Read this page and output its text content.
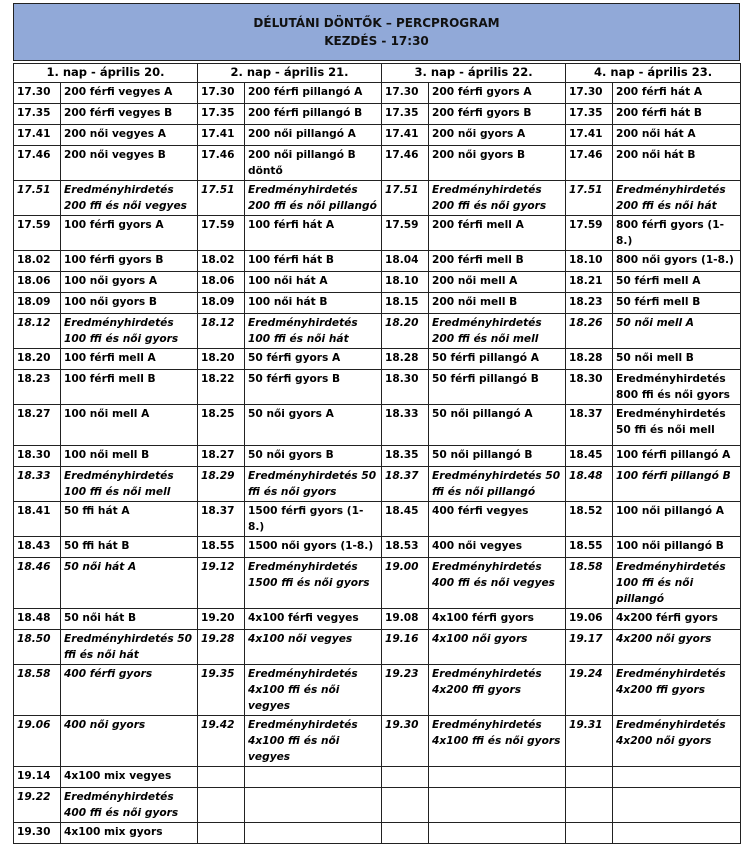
DÉLUTÁNI DÖNTŐK – PERCPROGRAM
KEZDÉS - 17:30
1. nap - április 20.		2. nap - április 21.		3. nap - április 22.		4. nap - április 23.	
17.30	200 férfi vegyes A	17.30	200 férfi pillangó A	17.30	200 férfi gyors A	17.30	200 férfi hát A
17.35	200 férfi vegyes B	17.35	200 férfi pillangó B	17.35	200 férfi gyors B	17.35	200 férfi hát B
17.41	200 női vegyes A	17.41	200 női pillangó A	17.41	200 női gyors A	17.41	200 női hát A
17.46	200 női vegyes B	17.46	200 női pillangó B döntő	17.46	200 női gyors B	17.46	200 női hát B
17.51	Eredményhirdetés 200 ffi és női vegyes	17.51	Eredményhirdetés 200 ffi és női pillangó	17.51	Eredményhirdetés 200 ffi és női gyors	17.51	Eredményhirdetés 200 ffi és női hát
17.59	100 férfi gyors A	17.59	100 férfi hát A	17.59	200 férfi mell A	17.59	800 férfi gyors (1-8.)
18.02	100 férfi gyors B	18.02	100 férfi hát B	18.04	200 férfi mell B	18.10	800 női gyors (1-8.)
18.06	100 női gyors A	18.06	100 női hát A	18.10	200 női mell A	18.21	50 férfi mell A
18.09	100 női gyors B	18.09	100 női hát B	18.15	200 női mell B	18.23	50 férfi mell B
18.12	Eredményhirdetés 100 ffi és női gyors	18.12	Eredményhirdetés 100 ffi és női hát	18.20	Eredményhirdetés 200 ffi és női mell	18.26	50 női mell A
18.20	100 férfi mell A	18.20	50 férfi gyors A	18.28	50 férfi pillangó A	18.28	50 női mell B
18.23	100 férfi mell B	18.22	50 férfi gyors B	18.30	50 férfi pillangó B	18.30	Eredményhirdetés 800 ffi és női gyors
18.27	100 női mell A	18.25	50 női gyors A	18.33	50 női pillangó A	18.37	Eredményhirdetés 50 ffi és női mell
18.30	100 női mell B	18.27	50 női gyors B	18.35	50 női pillangó B	18.45	100 férfi pillangó A
18.33	Eredményhirdetés 100 ffi és női mell	18.29	Eredményhirdetés 50 ffi és női gyors	18.37	Eredményhirdetés 50 ffi és női pillangó	18.48	100 férfi pillangó B
18.41	50 ffi hát A	18.37	1500 férfi gyors (1-8.)	18.45	400 férfi vegyes	18.52	100 női pillangó A
18.43	50 ffi hát B	18.55	1500 női gyors (1-8.)	18.53	400 női vegyes	18.55	100 női pillangó B
18.46	50 női hát A	19.12	Eredményhirdetés 1500 ffi és női gyors	19.00	Eredményhirdetés 400 ffi és női vegyes	18.58	Eredményhirdetés 100 ffi és női pillangó
18.48	50 női hát B	19.20	4x100 férfi vegyes	19.08	4x100 férfi gyors	19.06	4x200 férfi gyors
18.50	Eredményhirdetés 50 ffi és női hát	19.28	4x100 női vegyes	19.16	4x100 női gyors	19.17	4x200 női gyors
18.58	400 férfi gyors	19.35	Eredményhirdetés 4x100 ffi és női vegyes	19.23	Eredményhirdetés 4x200 ffi gyors	19.24	Eredményhirdetés 4x200 ffi gyors
19.06	400 női gyors	19.42	Eredményhirdetés 4x100 ffi és női vegyes	19.30	Eredményhirdetés 4x100 ffi és női gyors	19.31	Eredményhirdetés 4x200 női gyors
19.14	4x100 mix vegyes						
19.22	Eredményhirdetés 400 ffi és női gyors						
19.30	4x100 mix gyors						
